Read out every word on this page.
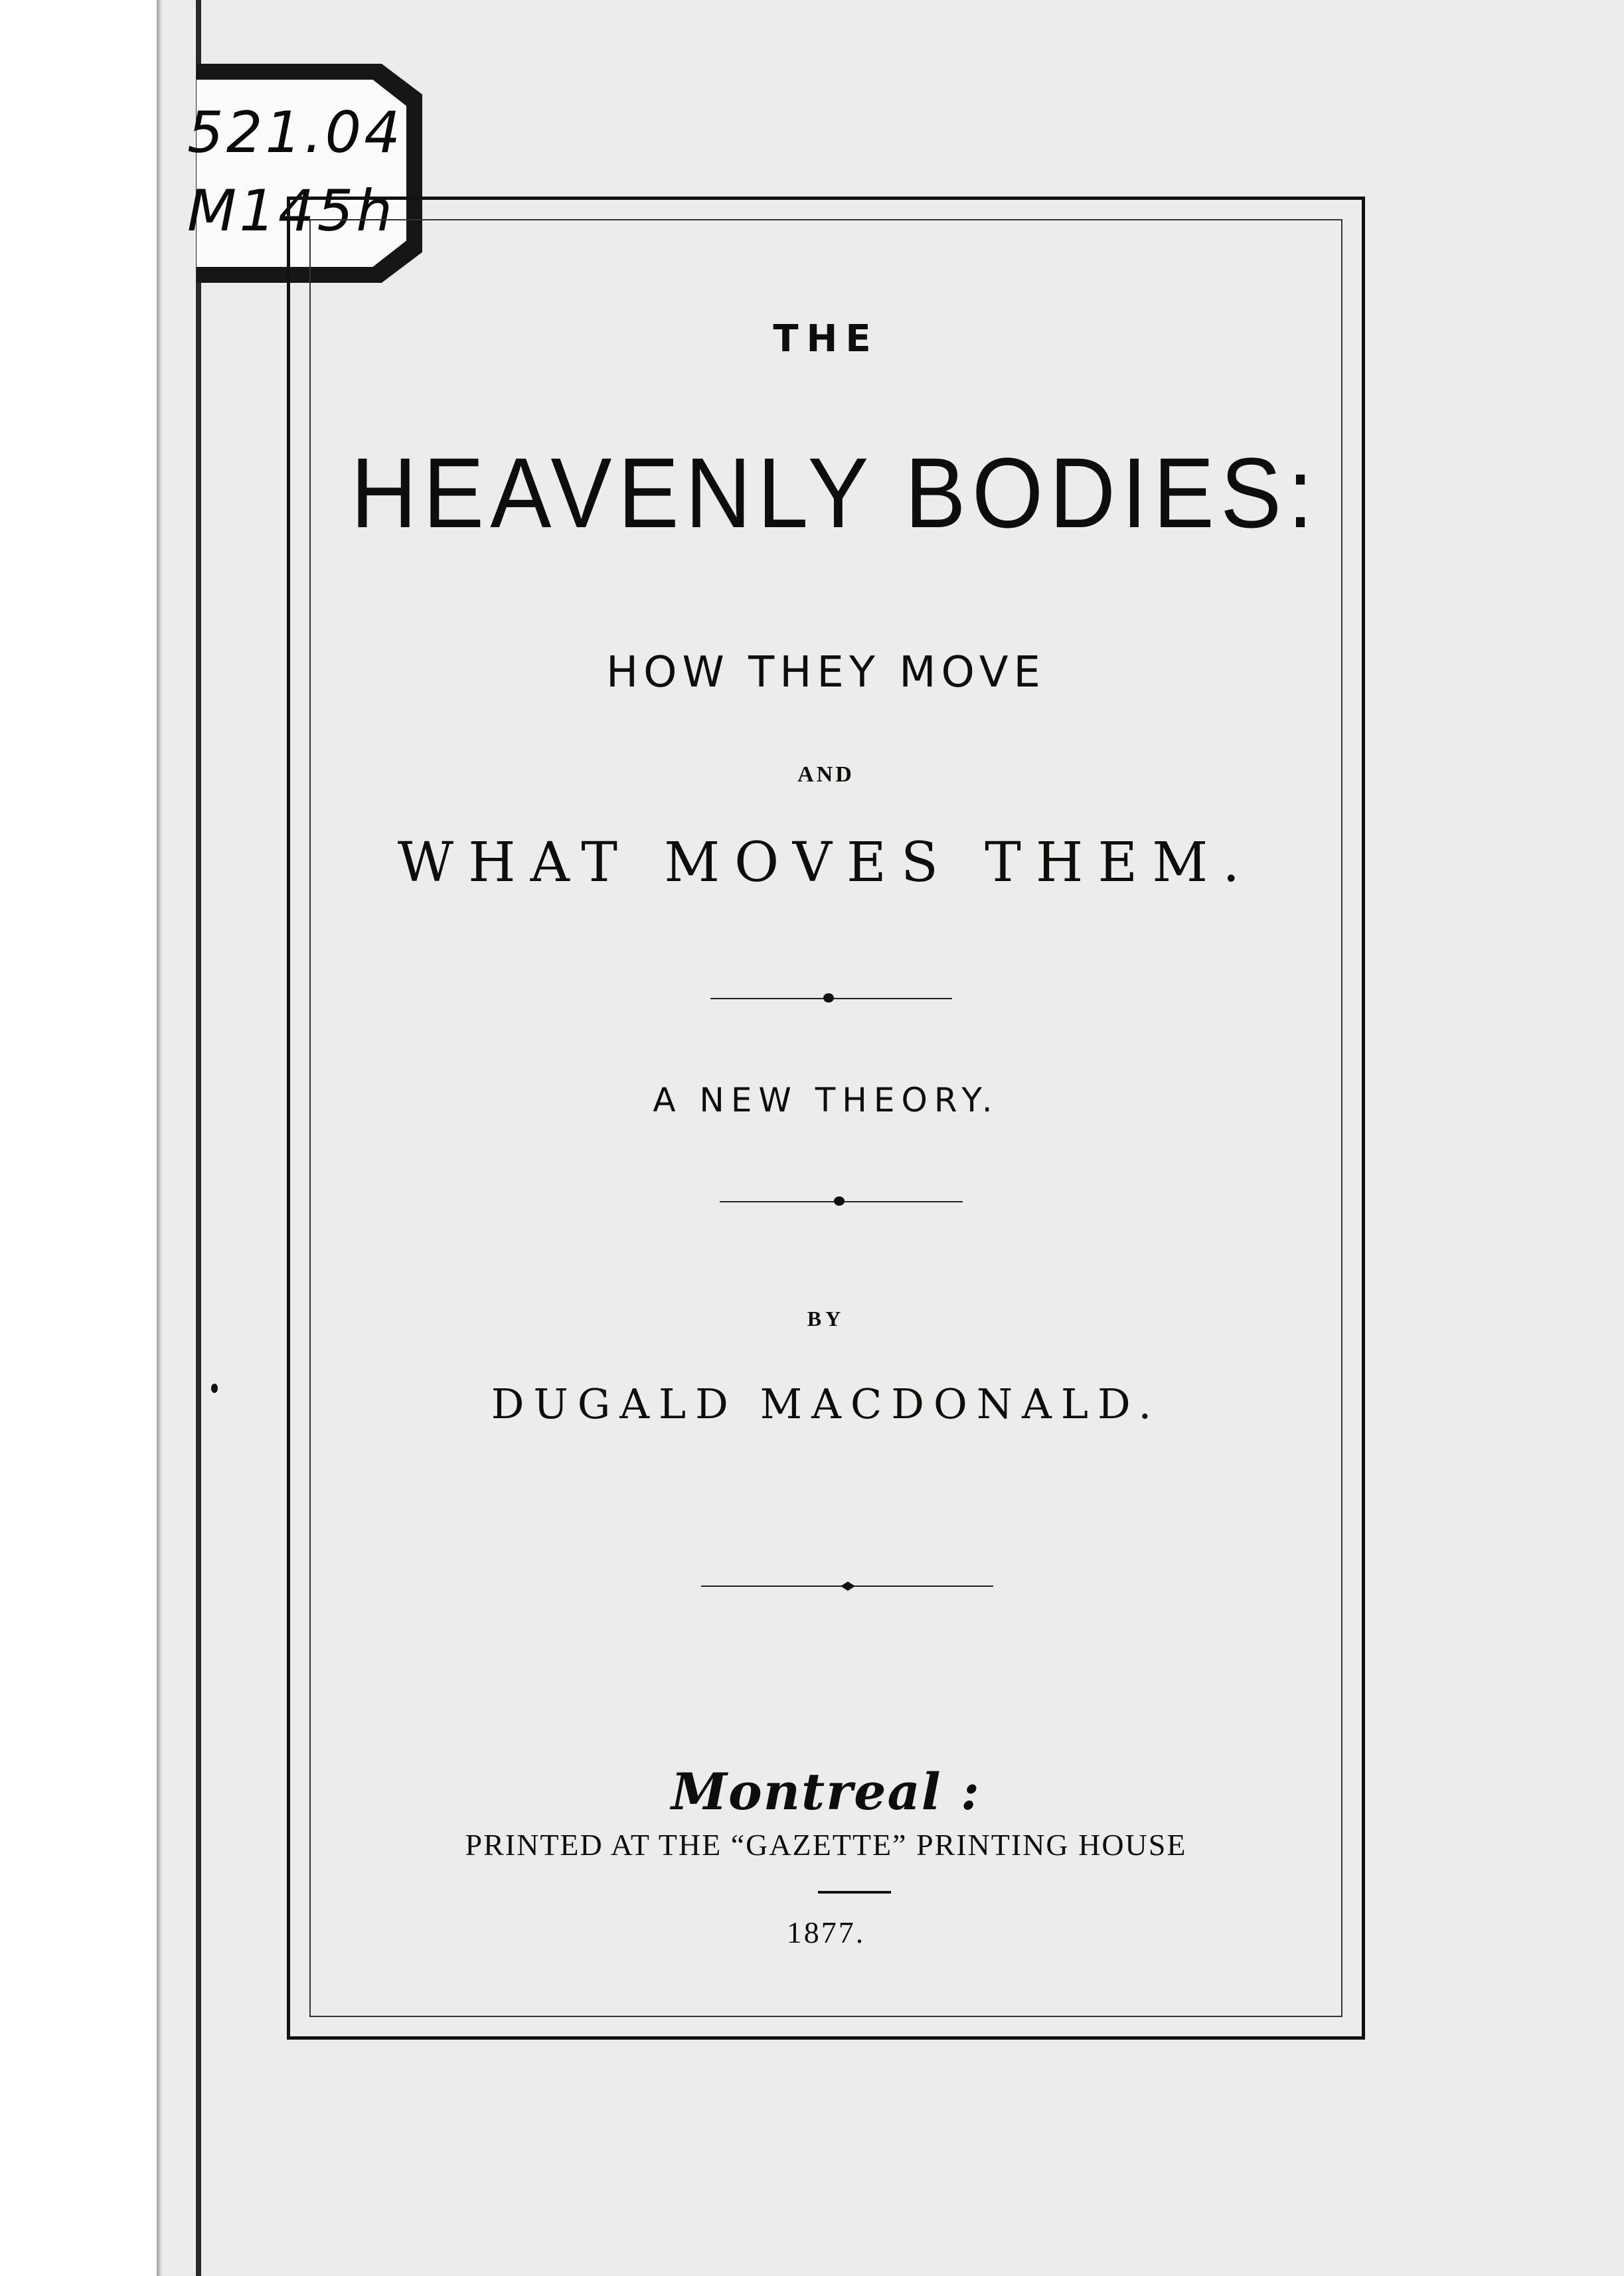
521.04
M145h
THE
HEAVENLY BODIES:
HOW THEY MOVE
AND
WHAT MOVES THEM.
A NEW THEORY.
BY
DUGALD MACDONALD.
Montreal :
PRINTED AT THE “GAZETTE” PRINTING HOUSE
1877.
